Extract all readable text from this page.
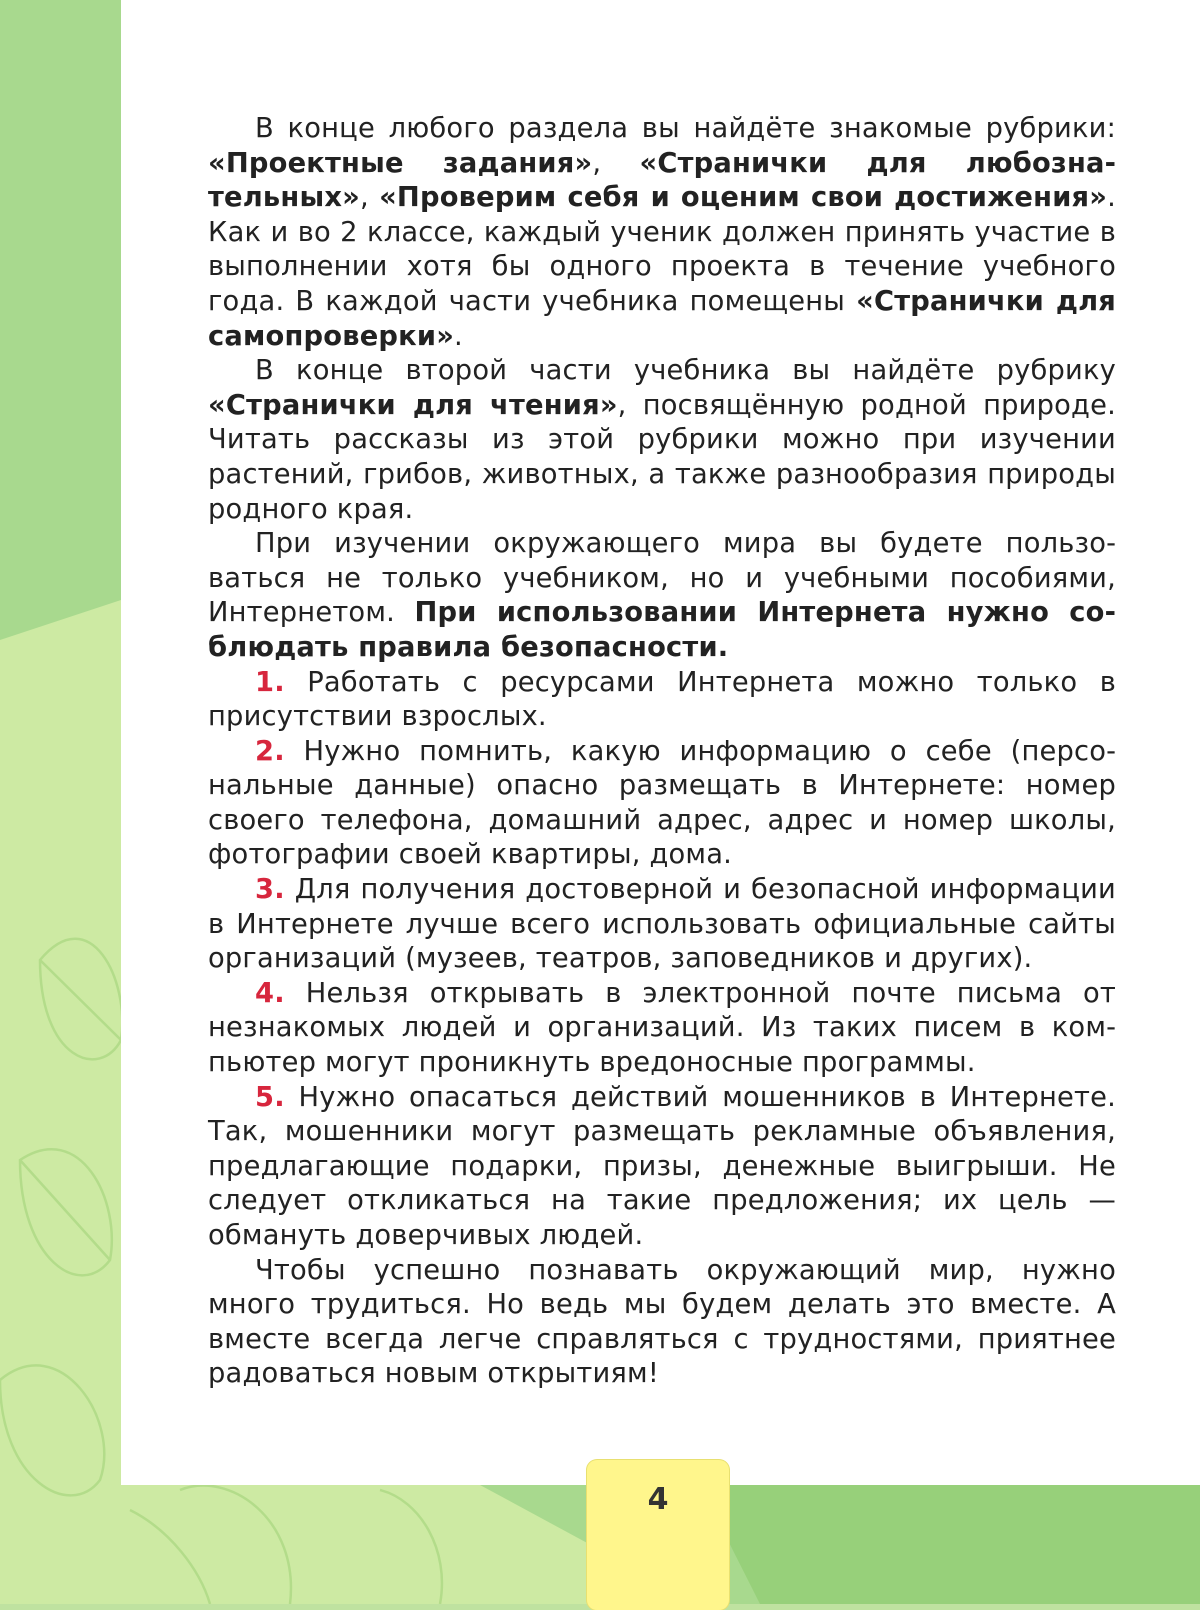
В конце любого раздела вы найдёте знакомые рубрики: «Проектные задания», «Странички для любознательных», «Проверим себя и оценим свои достижения». Как и во 2 классе, каждый ученик должен принять участие в выполнении хотя бы одного проекта в течение учебного года. В каждой части учебника помещены «Странички для самопроверки».

В конце второй части учебника вы найдёте рубрику «Странички для чтения», посвящённую родной природе. Читать рассказы из этой рубрики можно при изучении растений, грибов, животных, а также разнообразия природы родного края.

При изучении окружающего мира вы будете пользоваться не только учебником, но и учебными пособиями, Интернетом. При использовании Интернета нужно соблюдать правила безопасности.

1. Работать с ресурсами Интернета можно только в присутствии взрослых.

2. Нужно помнить, какую информацию о себе (персональные данные) опасно размещать в Интернете: номер своего телефона, домашний адрес, адрес и номер школы, фотографии своей квартиры, дома.

3. Для получения достоверной и безопасной информации в Интернете лучше всего использовать официальные сайты организаций (музеев, театров, заповедников и других).

4. Нельзя открывать в электронной почте письма от незнакомых людей и организаций. Из таких писем в компьютер могут проникнуть вредоносные программы.

5. Нужно опасаться действий мошенников в Интернете. Так, мошенники могут размещать рекламные объявления, предлагающие подарки, призы, денежные выигрыши. Не следует откликаться на такие предложения; их цель — обмануть доверчивых людей.

Чтобы успешно познавать окружающий мир, нужно много трудиться. Но ведь мы будем делать это вместе. А вместе всегда легче справляться с трудностями, приятнее радоваться новым открытиям!

4
